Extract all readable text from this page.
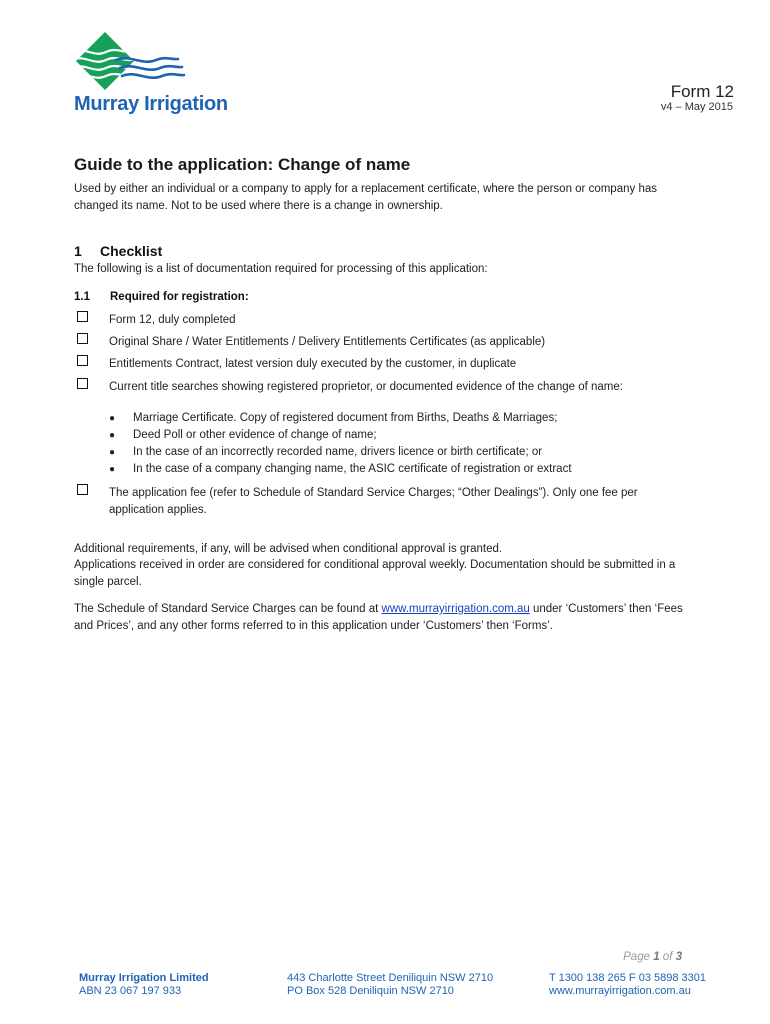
Murray Irrigation
Form 12
v4 – May 2015
Guide to the application: Change of name
Used by either an individual or a company to apply for a replacement certificate, where the person or company has changed its name. Not to be used where there is a change in ownership.
1 Checklist
The following is a list of documentation required for processing of this application:
1.1 Required for registration:
Form 12, duly completed
Original Share / Water Entitlements / Delivery Entitlements Certificates (as applicable)
Entitlements Contract, latest version duly executed by the customer, in duplicate
Current title searches showing registered proprietor, or documented evidence of the change of name:
● Marriage Certificate. Copy of registered document from Births, Deaths & Marriages;
● Deed Poll or other evidence of change of name;
● In the case of an incorrectly recorded name, drivers licence or birth certificate; or
● In the case of a company changing name, the ASIC certificate of registration or extract
The application fee (refer to Schedule of Standard Service Charges; “Other Dealings”). Only one fee per application applies.
Additional requirements, if any, will be advised when conditional approval is granted.
Applications received in order are considered for conditional approval weekly. Documentation should be submitted in a single parcel.
The Schedule of Standard Service Charges can be found at www.murrayirrigation.com.au under ‘Customers’ then ‘Fees and Prices’, and any other forms referred to in this application under ‘Customers’ then ‘Forms’.
Page 1 of 3
Murray Irrigation Limited
ABN 23 067 197 933
443 Charlotte Street Deniliquin NSW 2710
PO Box 528 Deniliquin NSW 2710
T 1300 138 265 F 03 5898 3301
www.murrayirrigation.com.au
